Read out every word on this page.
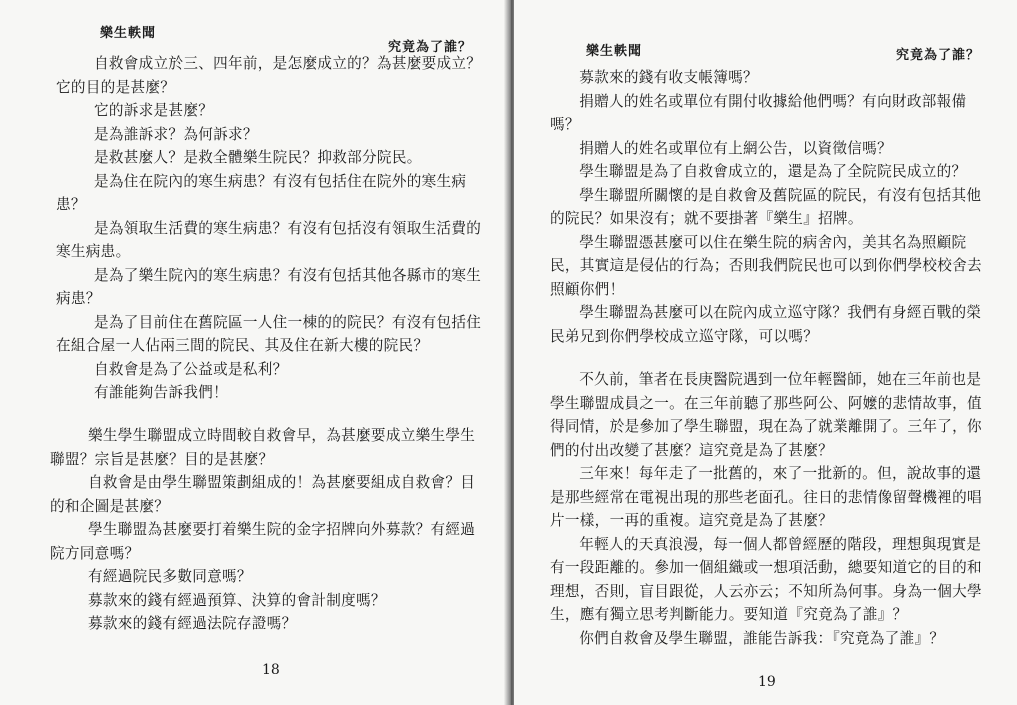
樂生軼聞
究竟為了誰？

自救會成立於三、四年前，是怎麼成立的？為甚麼要成立？它的目的是甚麼？

它的訴求是甚麼？

是為誰訴求？為何訴求？

是救甚麼人？是救全體樂生院民？抑救部分院民。

是為住在院內的寒生病患？有沒有包括住在院外的寒生病患？

是為領取生活費的寒生病患？有沒有包括沒有領取生活費的寒生病患。

是為了樂生院內的寒生病患？有沒有包括其他各縣市的寒生病患？

是為了目前住在舊院區一人住一棟的的院民？有沒有包括住在組合屋一人佔兩三間的院民、其及住在新大樓的院民？

自救會是為了公益或是私利？

有誰能夠告訴我們！

樂生學生聯盟成立時間較自救會早，為甚麼要成立樂生學生聯盟？宗旨是甚麼？目的是甚麼？

自救會是由學生聯盟策劃組成的！為甚麼要組成自救會？目的和企圖是甚麼？

學生聯盟為甚麼要打着樂生院的金字招牌向外募款？有經過院方同意嗎？

有經過院民多數同意嗎？

募款來的錢有經過預算、決算的會計制度嗎？

募款來的錢有經過法院存證嗎？

18
樂生軼聞	究竟為了誰？

募款來的錢有收支帳簿嗎？

捐贈人的姓名或單位有開付收據給他們嗎？有向財政部報備嗎？

捐贈人的姓名或單位有上網公告，以資徵信嗎？

學生聯盟是為了自救會成立的，還是為了全院院民成立的？

學生聯盟所關懷的是自救會及舊院區的院民，有沒有包括其他的院民？如果沒有；就不要掛著『樂生』招牌。

學生聯盟憑甚麼可以住在樂生院的病舍內，美其名為照顧院民，其實這是侵佔的行為；否則我們院民也可以到你們學校校舍去照顧你們！

學生聯盟為甚麼可以在院內成立巡守隊？我們有身經百戰的榮民弟兄到你們學校成立巡守隊，可以嗎？

不久前，筆者在長庚醫院遇到一位年輕醫師，她在三年前也是學生聯盟成員之一。在三年前聽了那些阿公、阿嬤的悲情故事，值得同情，於是參加了學生聯盟，現在為了就業離開了。三年了，你們的付出改變了甚麼？這究竟是為了甚麼？

三年來！每年走了一批舊的，來了一批新的。但，說故事的還是那些經常在電視出現的那些老面孔。往日的悲情像留聲機裡的唱片一樣，一再的重複。這究竟是為了甚麼？

年輕人的天真浪漫，每一個人都曾經歷的階段，理想與現實是有一段距離的。參加一個組織或一想項活動，總要知道它的目的和理想，否則，盲目跟從，人云亦云；不知所為何事。身為一個大學生，應有獨立思考判斷能力。要知道『究竟為了誰』？

你們自救會及學生聯盟，誰能告訴我：『究竟為了誰』？

19
